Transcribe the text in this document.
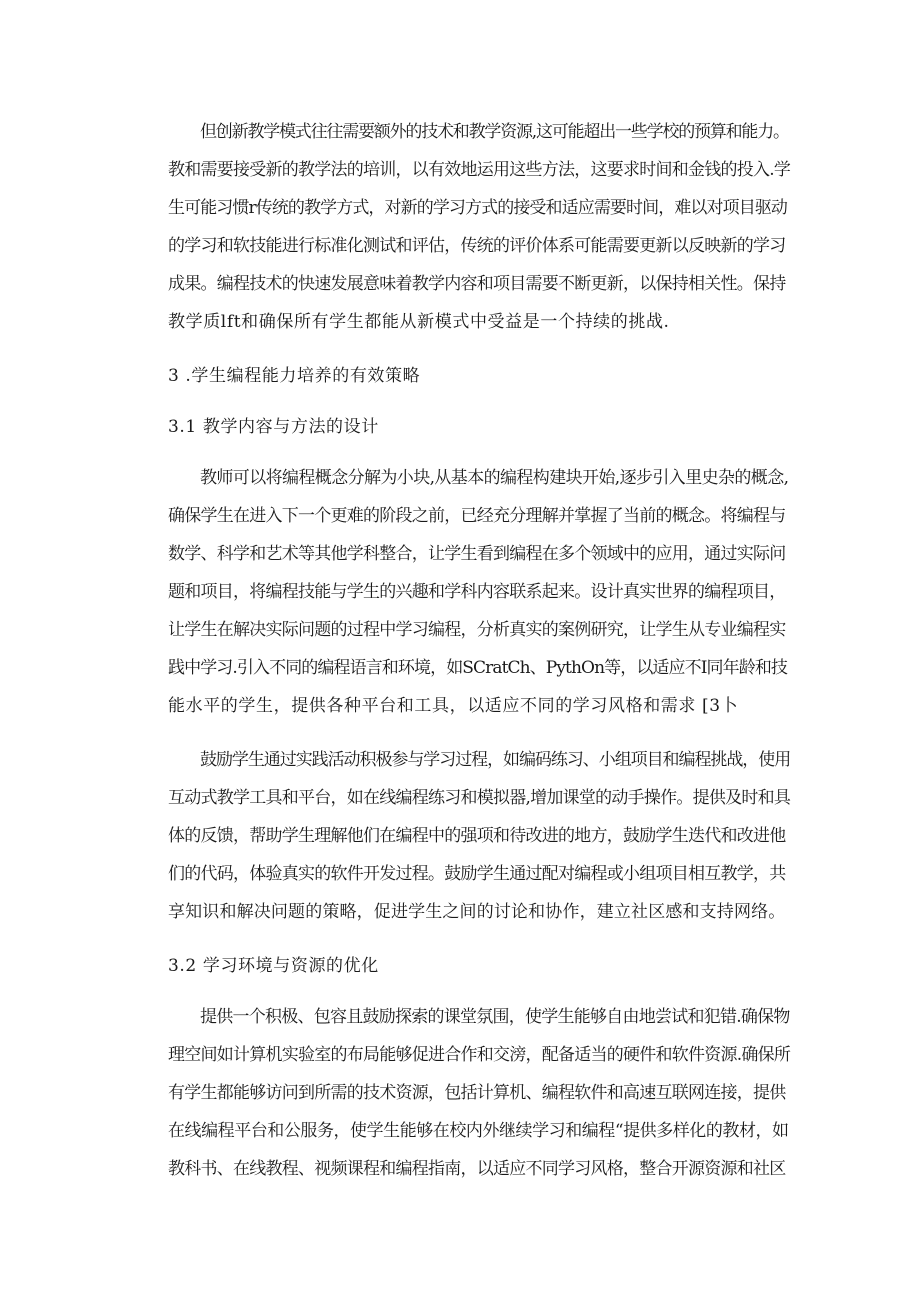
但创新教学模式往往需要额外的技术和教学资源,这可能超出一些学校的预算和能力。
教和需要接受新的教学法的培训，以有效地运用这些方法，这要求时间和金钱的投入.学
生可能习惯r传统的教学方式，对新的学习方式的接受和适应需要时间，难以对项目驱动
的学习和软技能进行标准化测试和评估，传统的评价体系可能需要更新以反映新的学习
成果。编程技术的快速发展意味着教学内容和项目需要不断更新，以保持相关性。保持
教学质lft和确保所有学生都能从新模式中受益是一个持续的挑战.
3 .学生编程能力培养的有效策略
3.1 教学内容与方法的设计
教师可以将编程概念分解为小块,从基本的编程构建块开始,逐步引入里史杂的概念,
确保学生在进入下一个更难的阶段之前，已经充分理解并掌握了当前的概念。将编程与
数学、科学和艺术等其他学科整合，让学生看到编程在多个领域中的应用，通过实际问
题和项目，将编程技能与学生的兴趣和学科内容联系起来。设计真实世界的编程项目，
让学生在解决实际问题的过程中学习编程，分析真实的案例研究，让学生从专业编程实
践中学习.引入不同的编程语言和环境，如SCratCh、PythOn等，以适应不I同年龄和技
能水平的学生，提供各种平台和工具，以适应不同的学习风格和需求 [3卜
鼓励学生通过实践活动积极参与学习过程，如编码练习、小组项目和编程挑战，使用
互动式教学工具和平台，如在线编程练习和模拟器,增加课堂的动手操作。提供及时和具
体的反馈，帮助学生理解他们在编程中的强项和待改进的地方，鼓励学生迭代和改进他
们的代码，体验真实的软件开发过程。鼓励学生通过配对编程或小组项目相互教学，共
享知识和解决问题的策略，促进学生之间的讨论和协作，建立社区感和支持网络。
3.2 学习环境与资源的优化
提供一个积极、包容且鼓励探索的课堂氛围，使学生能够自由地尝试和犯错.确保物
理空间如计算机实验室的布局能够促进合作和交滂，配备适当的硬件和软件资源.确保所
有学生都能够访问到所需的技术资源，包括计算机、编程软件和高速互联网连接，提供
在线编程平台和公服务，使学生能够在校内外继续学习和编程“提供多样化的教材，如
教科书、在线教程、视频课程和编程指南，以适应不同学习风格，整合开源资源和社区
